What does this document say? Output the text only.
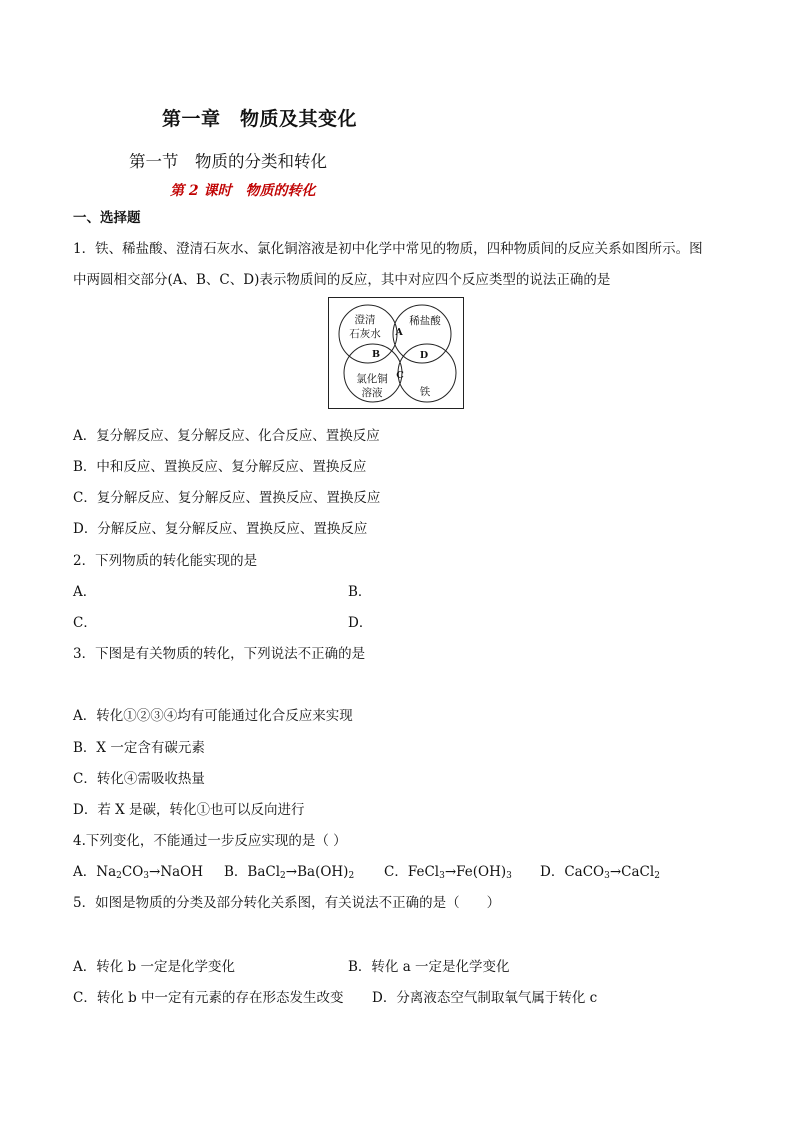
第一章　物质及其变化
第一节　物质的分类和转化
第 2 课时　物质的转化
一、选择题
1．铁、稀盐酸、澄清石灰水、氯化铜溶液是初中化学中常见的物质，四种物质间的反应关系如图所示。图
中两圆相交部分(A、B、C、D)表示物质间的反应，其中对应四个反应类型的说法正确的是
澄清
石灰水
稀盐酸
氯化铜
溶液	铁
A
B
C
D
A．复分解反应、复分解反应、化合反应、置换反应
B．中和反应、置换反应、复分解反应、置换反应
C．复分解反应、复分解反应、置换反应、置换反应
D．分解反应、复分解反应、置换反应、置换反应
2．下列物质的转化能实现的是
A．	B．
C．	D．
3．下图是有关物质的转化，下列说法不正确的是
A．转化①②③④均有可能通过化合反应来实现
B．X 一定含有碳元素
C．转化④需吸收热量
D．若 X 是碳，转化①也可以反向进行
4.下列变化，不能通过一步反应实现的是（ ）
A．$Na_2CO_3\to NaOH$ B．$BaCl_2\to Ba(OH)_2$ C．$FeCl_3\to Fe(OH)_3$ D．CaCO$_3$→CaCl$_2$
5．如图是物质的分类及部分转化关系图，有关说法不正确的是（　　）
A．转化 b 一定是化学变化	B．转化 a 一定是化学变化
C．转化 b 中一定有元素的存在形态发生改变 D．分离液态空气制取氧气属于转化 c
